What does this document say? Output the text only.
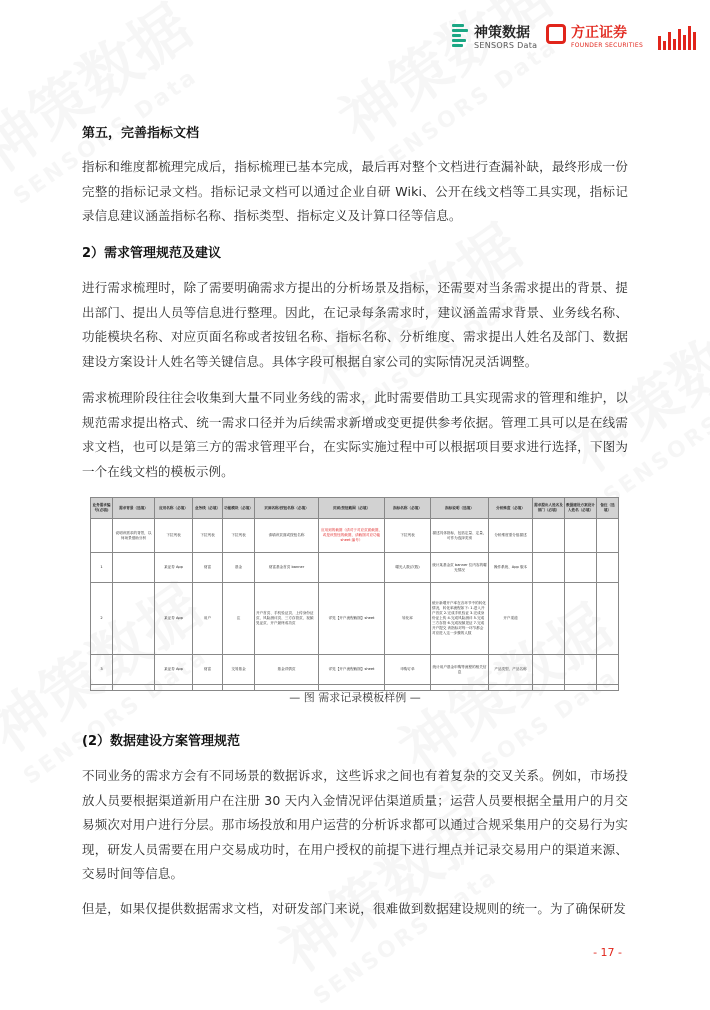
神策数据
SENSORS Data
方正证券
FOUNDER SECURITIES
第五，完善指标文档
指标和维度都梳理完成后，指标梳理已基本完成，最后再对整个文档进行查漏补缺，最终形成一份完整的指标记录文档。指标记录文档可以通过企业自研 Wiki、公开在线文档等工具实现，指标记录信息建议涵盖指标名称、指标类型、指标定义及计算口径等信息。
2）需求管理规范及建议
进行需求梳理时，除了需要明确需求方提出的分析场景及指标，还需要对当条需求提出的背景、提出部门、提出人员等信息进行整理。因此，在记录每条需求时，建议涵盖需求背景、业务线名称、功能模块名称、对应页面名称或者按钮名称、指标名称、分析维度、需求提出人姓名及部门、数据建设方案设计人姓名等关键信息。具体字段可根据自家公司的实际情况灵活调整。
需求梳理阶段往往会收集到大量不同业务线的需求，此时需要借助工具实现需求的管理和维护，以规范需求提出格式、统一需求口径并为后续需求新增或变更提供参考依据。管理工具可以是在线需求文档，也可以是第三方的需求管理平台，在实际实施过程中可以根据项目要求进行选择，下图为一个在线文档的模板示例。
业务需求编号(必填)	需求背景（选填）	应用名称（必填）	业务线（必填）	功能模块（必填）	页面名称/按钮名称（必填）	页面/按钮截图（必填）	指标名称（必填）	指标说明（选填）	分析维度（必填）	需求提出人姓名及部门（必填）	数据建设方案设计人姓名（必填）	备注（选填）
	说明该需求的背景，以何场景借助分析	下拉列表	下拉列表	下拉列表	请填该页面或按钮名称	应用到的截图（请对于对应页面截图，或是该按钮的截图，请截图对应功能 sheet 编号）	下拉列表	描述具体指标，包括定量、定量，可作为选择类别	分析维度需分组描述			
1		某证券 App	财富	基金	财富基金首页 banner		曝光人数(次数)	统计某基金页 banner 位内容的曝光情况	操作系统、App 版本			
2		某证券 App	用户	注	开户首页、手机验证页、上传身份证页、风险测评页、三方存管页、视频见证页、开户最终成功页	详见【开户流程截图】sheet	转化率	统计新增开户率在各环节中的转化情况，转化率流程如下: 1.进入开户首页 2.完成手机验证 3.完成身份证上传 4.完成风险测评 5.完成三方存管 6.完成视频见证 7.完成开户提交 该指标对每一环节都会对应进入这一步骤的人数	开户渠道			
3		某证券 App	财富	交易基金	基金详情页	详见【开户流程截图】sheet	申购订单	统计用户基金申购等流程的相关信息	产品类型、产品名称			

— 图 需求记录模板样例 —
(2）数据建设方案管理规范
不同业务的需求方会有不同场景的数据诉求，这些诉求之间也有着复杂的交叉关系。例如，市场投放人员要根据渠道新用户在注册 30 天内入金情况评估渠道质量；运营人员要根据全量用户的月交易频次对用户进行分层。那市场投放和用户运营的分析诉求都可以通过合规采集用户的交易行为实现，研发人员需要在用户交易成功时，在用户授权的前提下进行埋点并记录交易用户的渠道来源、交易时间等信息。
但是，如果仅提供数据需求文档，对研发部门来说，很难做到数据建设规则的统一。为了确保研发
- 17 -
